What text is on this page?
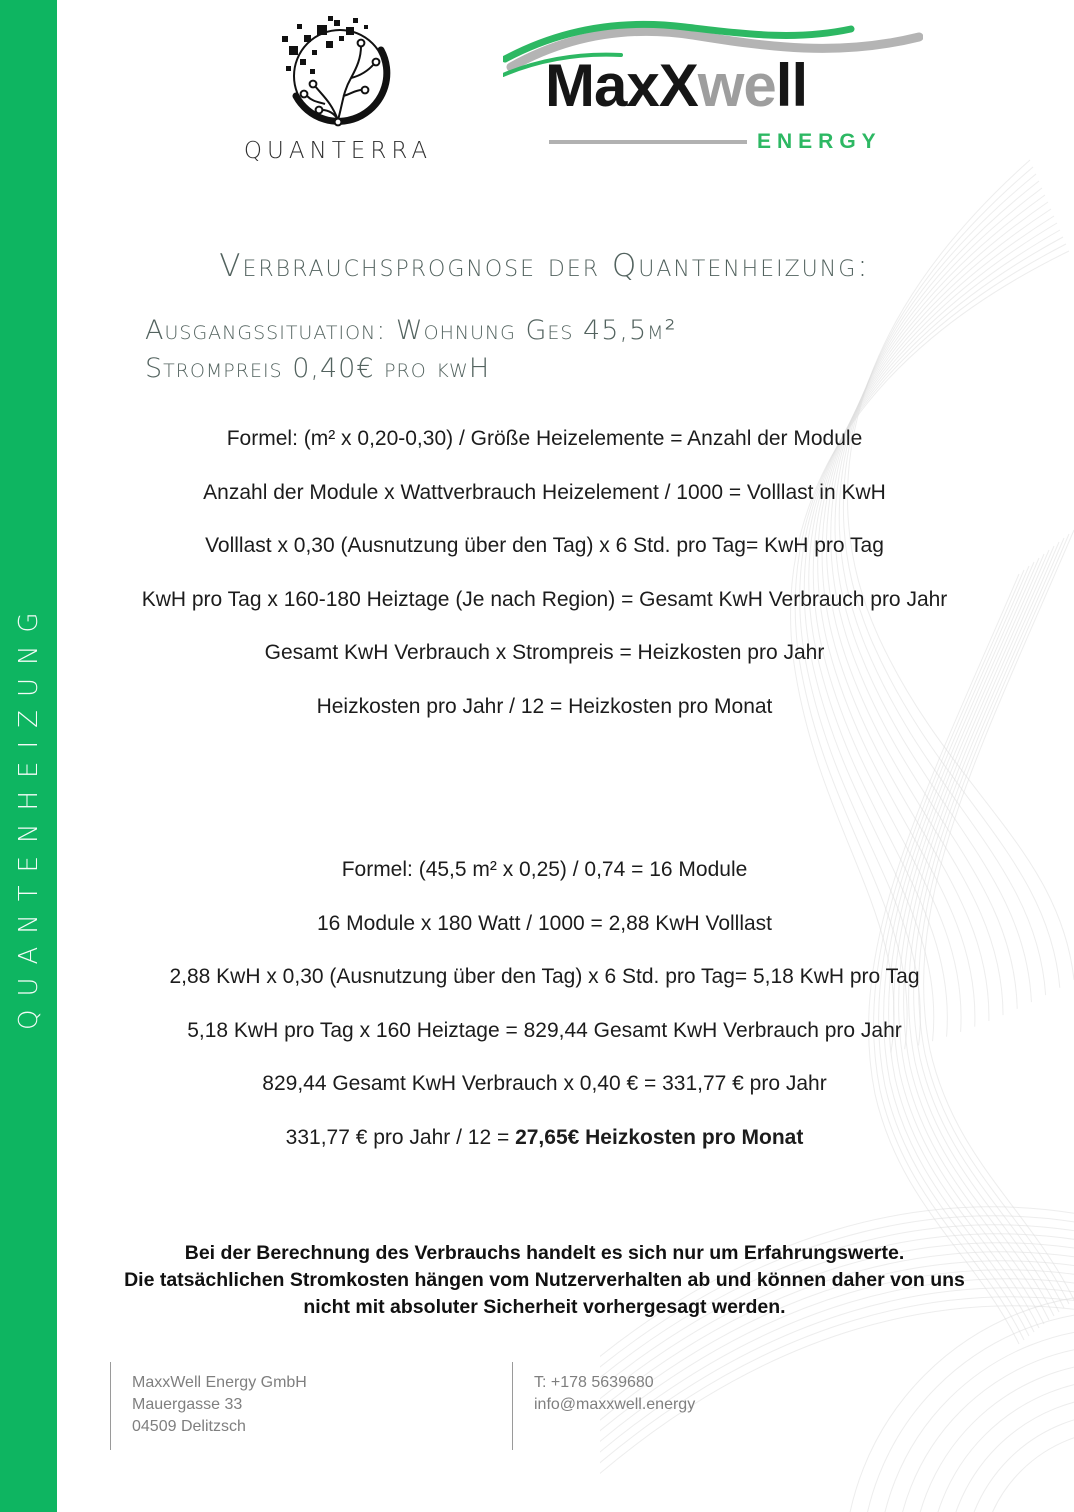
QUANTENHEIZUNG
QUANTERRA
MaxXwell
ENERGY
Verbrauchsprognose der Quantenheizung:
Ausgangssituation: Wohnung Ges 45,5m²
Strompreis 0,40€ pro kwH
Formel: (m² x 0,20-0,30) / Größe Heizelemente = Anzahl der Module
Anzahl der Module x Wattverbrauch Heizelement / 1000 = Volllast in KwH
Volllast x 0,30 (Ausnutzung über den Tag) x 6 Std. pro Tag= KwH pro Tag
KwH pro Tag x 160-180 Heiztage (Je nach Region) = Gesamt KwH Verbrauch pro Jahr
Gesamt KwH Verbrauch x Strompreis = Heizkosten pro Jahr
Heizkosten pro Jahr / 12 = Heizkosten pro Monat
Formel: (45,5 m² x 0,25) / 0,74 = 16 Module
16 Module x 180 Watt / 1000 = 2,88 KwH Volllast
2,88 KwH x 0,30 (Ausnutzung über den Tag) x 6 Std. pro Tag= 5,18 KwH pro Tag
5,18 KwH pro Tag x 160 Heiztage = 829,44 Gesamt KwH Verbrauch pro Jahr
829,44 Gesamt KwH Verbrauch x 0,40 € = 331,77 € pro Jahr
331,77 € pro Jahr / 12 = 27,65€ Heizkosten pro Monat
Bei der Berechnung des Verbrauchs handelt es sich nur um Erfahrungswerte.
Die tatsächlichen Stromkosten hängen vom Nutzerverhalten ab und können daher von uns
nicht mit absoluter Sicherheit vorhergesagt werden.
MaxxWell Energy GmbH
Mauergasse 33
04509 Delitzsch
T: +178 5639680
info@maxxwell.energy
